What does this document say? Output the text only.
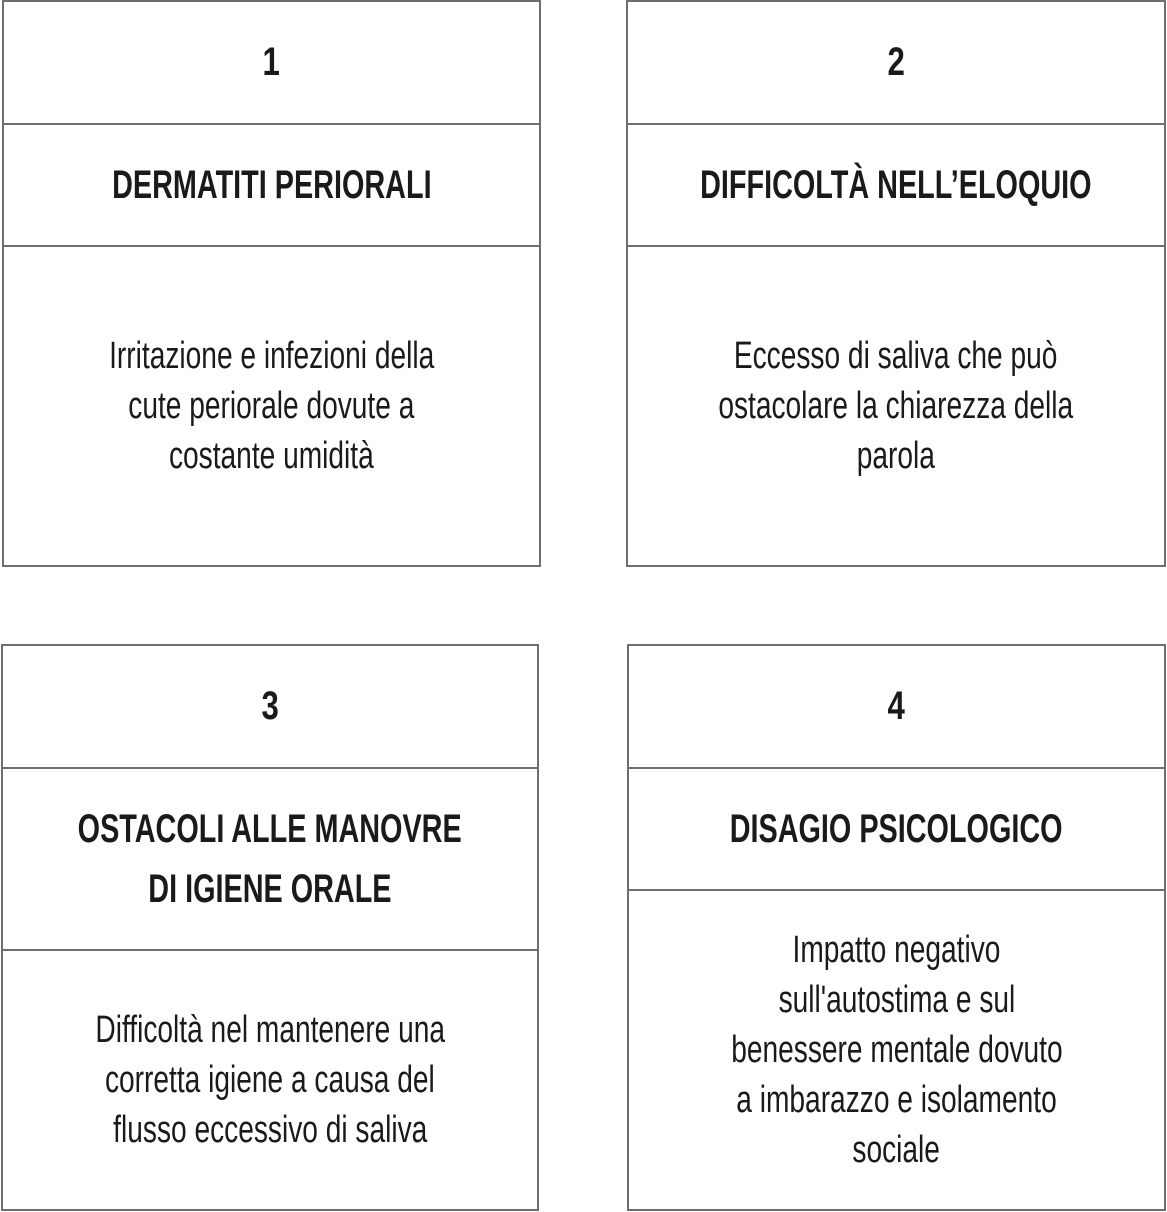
1
DERMATITI PERIORALI
Irritazione e infezioni della
cute periorale dovute a
costante umidità
2
DIFFICOLTÀ NELL’ELOQUIO
Eccesso di saliva che può
ostacolare la chiarezza della
parola
3
OSTACOLI ALLE MANOVRE
DI IGIENE ORALE
Difficoltà nel mantenere una
corretta igiene a causa del
flusso eccessivo di saliva
4
DISAGIO PSICOLOGICO
Impatto negativo
sull'autostima e sul
benessere mentale dovuto
a imbarazzo e isolamento
sociale
